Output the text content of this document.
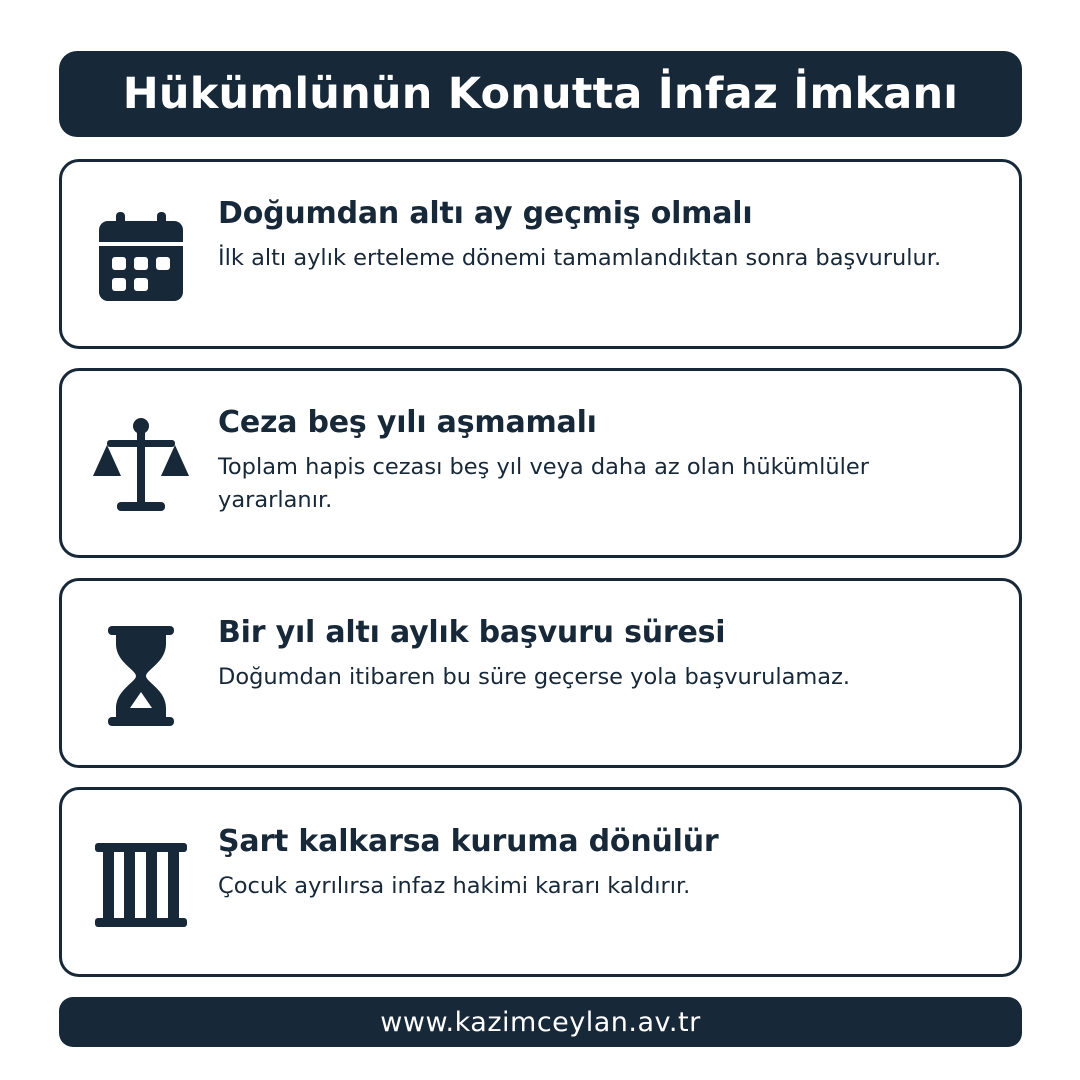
Hükümlünün Konutta İnfaz İmkanı
Doğumdan altı ay geçmiş olmalı
İlk altı aylık erteleme dönemi tamamlandıktan sonra başvurulur.
Ceza beş yılı aşmamalı
Toplam hapis cezası beş yıl veya daha az olan hükümlüler yararlanır.
Bir yıl altı aylık başvuru süresi
Doğumdan itibaren bu süre geçerse yola başvurulamaz.
Şart kalkarsa kuruma dönülür
Çocuk ayrılırsa infaz hakimi kararı kaldırır.
www.kazimceylan.av.tr
